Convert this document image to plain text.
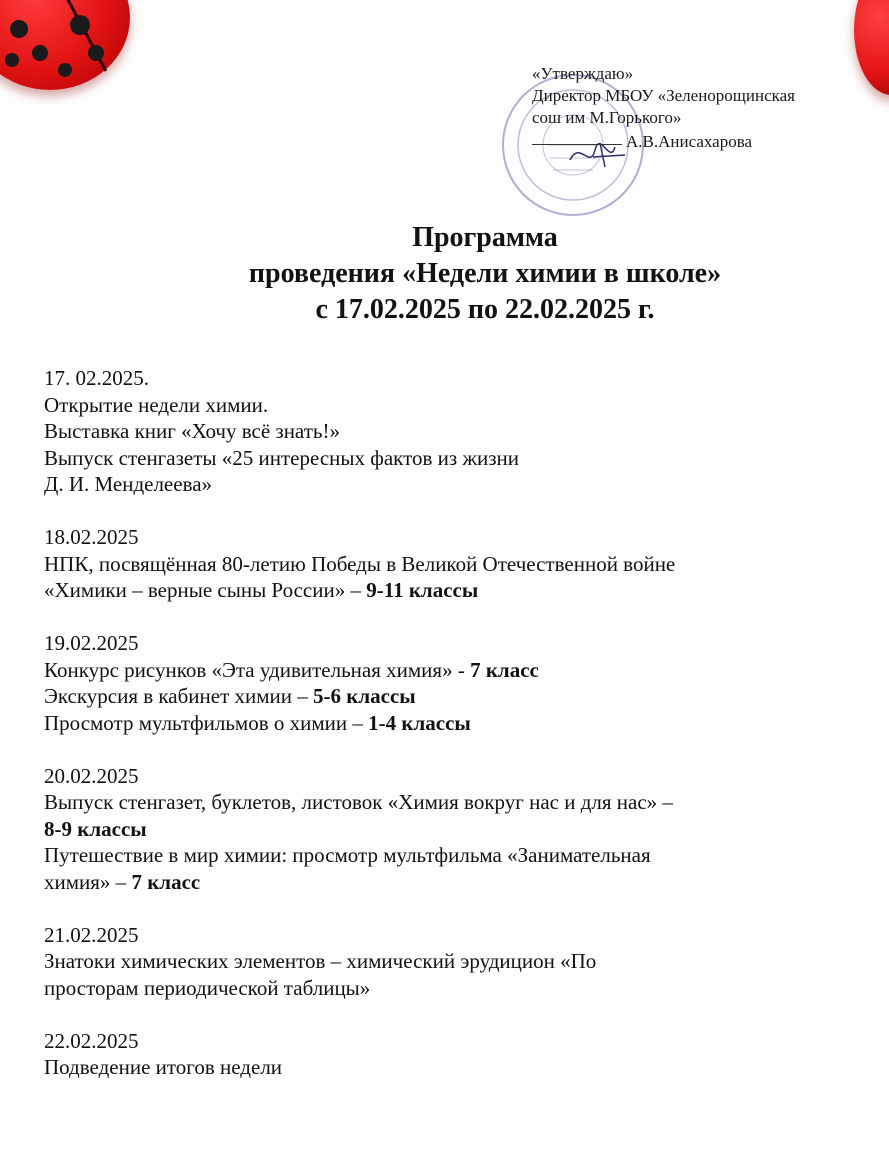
«Утверждаю»
Директор МБОУ «Зеленорощинская
сош им М.Горького»
А.В.Анисахарова
Программа
проведения «Недели химии в школе»
с 17.02.2025 по 22.02.2025 г.
17. 02.2025.
Открытие недели химии.
Выставка книг «Хочу всё знать!»
Выпуск стенгазеты «25 интересных фактов из жизни
Д. И. Менделеева»
18.02.2025
НПК, посвящённая 80-летию Победы в Великой Отечественной войне
«Химики – верные сыны России» – 9-11 классы
19.02.2025
Конкурс рисунков «Эта удивительная химия» - 7 класс
Экскурсия в кабинет химии – 5-6 классы
Просмотр мультфильмов о химии – 1-4 классы
20.02.2025
Выпуск стенгазет, буклетов, листовок «Химия вокруг нас и для нас» –
8-9 классы
Путешествие в мир химии: просмотр мультфильма «Занимательная
химия» – 7 класс
21.02.2025
Знатоки химических элементов – химический эрудицион «По
просторам периодической таблицы»
22.02.2025
Подведение итогов недели
